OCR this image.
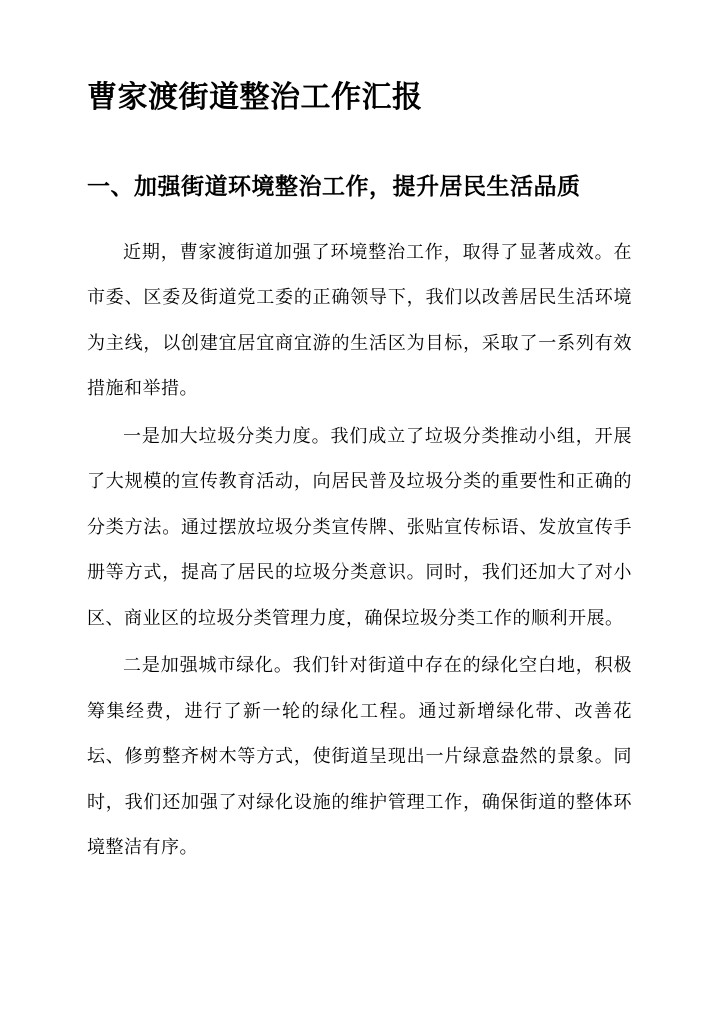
曹家渡街道整治工作汇报
一、加强街道环境整治工作，提升居民生活品质

近期，曹家渡街道加强了环境整治工作，取得了显著成效。在市委、区委及街道党工委的正确领导下，我们以改善居民生活环境为主线，以创建宜居宜商宜游的生活区为目标，采取了一系列有效措施和举措。

一是加大垃圾分类力度。我们成立了垃圾分类推动小组，开展了大规模的宣传教育活动，向居民普及垃圾分类的重要性和正确的分类方法。通过摆放垃圾分类宣传牌、张贴宣传标语、发放宣传手册等方式，提高了居民的垃圾分类意识。同时，我们还加大了对小区、商业区的垃圾分类管理力度，确保垃圾分类工作的顺利开展。

二是加强城市绿化。我们针对街道中存在的绿化空白地，积极筹集经费，进行了新一轮的绿化工程。通过新增绿化带、改善花坛、修剪整齐树木等方式，使街道呈现出一片绿意盎然的景象。同时，我们还加强了对绿化设施的维护管理工作，确保街道的整体环境整洁有序。
